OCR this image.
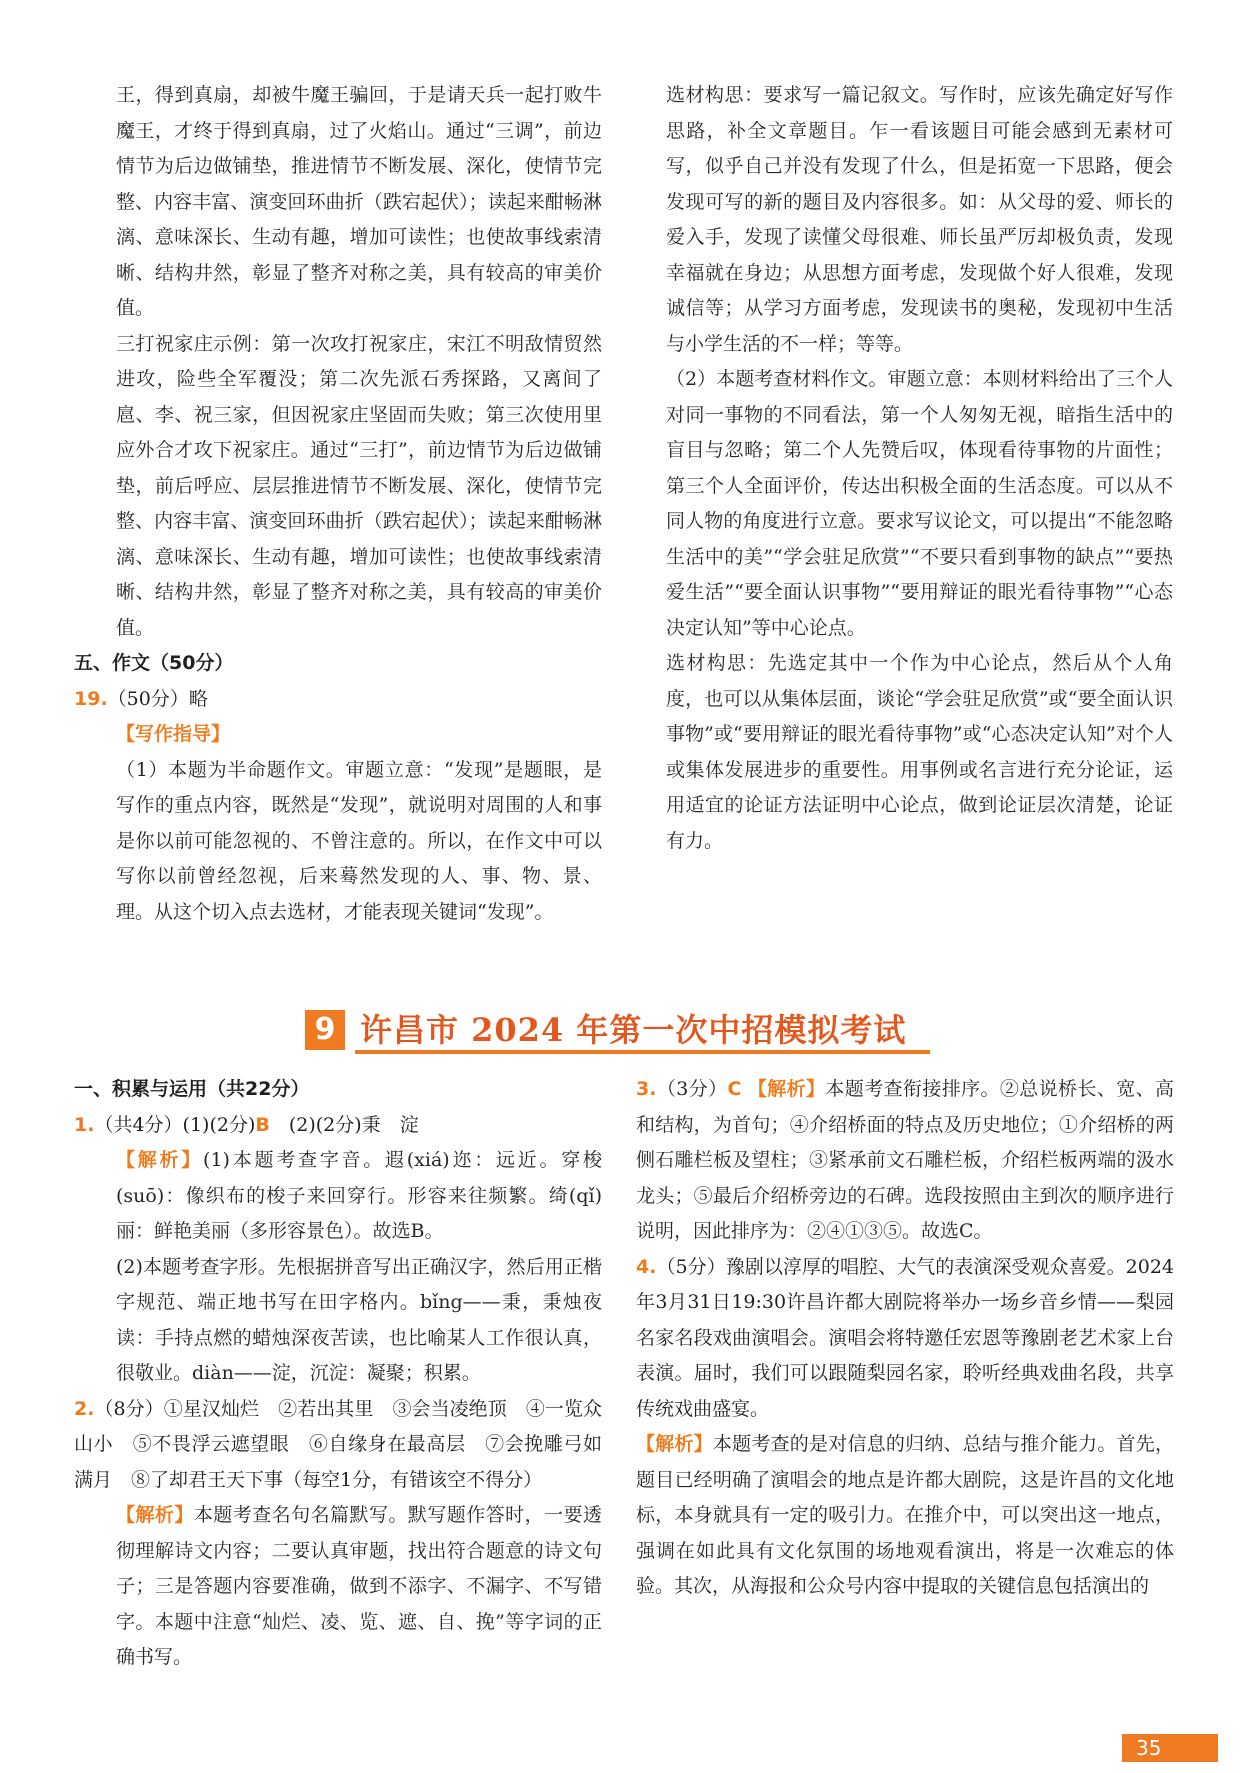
王，得到真扇，却被牛魔王骗回，于是请天兵一起打败牛魔王，才终于得到真扇，过了火焰山。通过“三调”，前边情节为后边做铺垫，推进情节不断发展、深化，使情节完整、内容丰富、演变回环曲折（跌宕起伏）；读起来酣畅淋漓、意味深长、生动有趣，增加可读性；也使故事线索清晰、结构井然，彰显了整齐对称之美，具有较高的审美价值。

三打祝家庄示例：第一次攻打祝家庄，宋江不明敌情贸然进攻，险些全军覆没；第二次先派石秀探路，又离间了扈、李、祝三家，但因祝家庄坚固而失败；第三次使用里应外合才攻下祝家庄。通过“三打”，前边情节为后边做铺垫，前后呼应、层层推进情节不断发展、深化，使情节完整、内容丰富、演变回环曲折（跌宕起伏）；读起来酣畅淋漓、意味深长、生动有趣，增加可读性；也使故事线索清晰、结构井然，彰显了整齐对称之美，具有较高的审美价值。

五、作文（50分）

19.（50分）略

【写作指导】

（1）本题为半命题作文。审题立意：“发现”是题眼，是写作的重点内容，既然是“发现”，就说明对周围的人和事是你以前可能忽视的、不曾注意的。所以，在作文中可以写你以前曾经忽视，后来蓦然发现的人、事、物、景、理。从这个切入点去选材，才能表现关键词“发现”。

选材构思：要求写一篇记叙文。写作时，应该先确定好写作思路，补全文章题目。乍一看该题目可能会感到无素材可写，似乎自己并没有发现了什么，但是拓宽一下思路，便会发现可写的新的题目及内容很多。如：从父母的爱、师长的爱入手，发现了读懂父母很难、师长虽严厉却极负责，发现幸福就在身边；从思想方面考虑，发现做个好人很难，发现诚信等；从学习方面考虑，发现读书的奥秘，发现初中生活与小学生活的不一样；等等。

（2）本题考查材料作文。审题立意：本则材料给出了三个人对同一事物的不同看法，第一个人匆匆无视，暗指生活中的盲目与忽略；第二个人先赞后叹，体现看待事物的片面性；第三个人全面评价，传达出积极全面的生活态度。可以从不同人物的角度进行立意。要求写议论文，可以提出“不能忽略生活中的美”“学会驻足欣赏”“不要只看到事物的缺点”“要热爱生活”“要全面认识事物”“要用辩证的眼光看待事物”“心态决定认知”等中心论点。

选材构思：先选定其中一个作为中心论点，然后从个人角度，也可以从集体层面，谈论“学会驻足欣赏”或“要全面认识事物”或“要用辩证的眼光看待事物”或“心态决定认知”对个人或集体发展进步的重要性。用事例或名言进行充分论证，运用适宜的论证方法证明中心论点，做到论证层次清楚，论证有力。

9 许昌市 2024 年第一次中招模拟考试

一、积累与运用（共22分）

1.（共4分）(1)(2分)B　(2)(2分)秉　淀

【解析】(1)本题考查字音。遐(xiá)迩：远近。穿梭(suō)：像织布的梭子来回穿行。形容来往频繁。绮(qǐ)丽：鲜艳美丽（多形容景色）。故选B。

(2)本题考查字形。先根据拼音写出正确汉字，然后用正楷字规范、端正地书写在田字格内。bǐng——秉，秉烛夜读：手持点燃的蜡烛深夜苦读，也比喻某人工作很认真，很敬业。diàn——淀，沉淀：凝聚；积累。

2.（8分）①星汉灿烂　②若出其里　③会当凌绝顶　④一览众山小　⑤不畏浮云遮望眼　⑥自缘身在最高层　⑦会挽雕弓如满月　⑧了却君王天下事（每空1分，有错该空不得分）

【解析】本题考查名句名篇默写。默写题作答时，一要透彻理解诗文内容；二要认真审题，找出符合题意的诗文句子；三是答题内容要准确，做到不添字、不漏字、不写错字。本题中注意“灿烂、凌、览、遮、自、挽”等字词的正确书写。

3.（3分）C 【解析】本题考查衔接排序。②总说桥长、宽、高和结构，为首句；④介绍桥面的特点及历史地位；①介绍桥的两侧石雕栏板及望柱；③紧承前文石雕栏板，介绍栏板两端的汲水龙头；⑤最后介绍桥旁边的石碑。选段按照由主到次的顺序进行说明，因此排序为：②④①③⑤。故选C。

4.（5分）豫剧以淳厚的唱腔、大气的表演深受观众喜爱。2024年3月31日19:30许昌许都大剧院将举办一场乡音乡情——梨园名家名段戏曲演唱会。演唱会将特邀任宏恩等豫剧老艺术家上台表演。届时，我们可以跟随梨园名家，聆听经典戏曲名段，共享传统戏曲盛宴。

【解析】本题考查的是对信息的归纳、总结与推介能力。首先，题目已经明确了演唱会的地点是许都大剧院，这是许昌的文化地标，本身就具有一定的吸引力。在推介中，可以突出这一地点，强调在如此具有文化氛围的场地观看演出，将是一次难忘的体验。其次，从海报和公众号内容中提取的关键信息包括演出的

35
